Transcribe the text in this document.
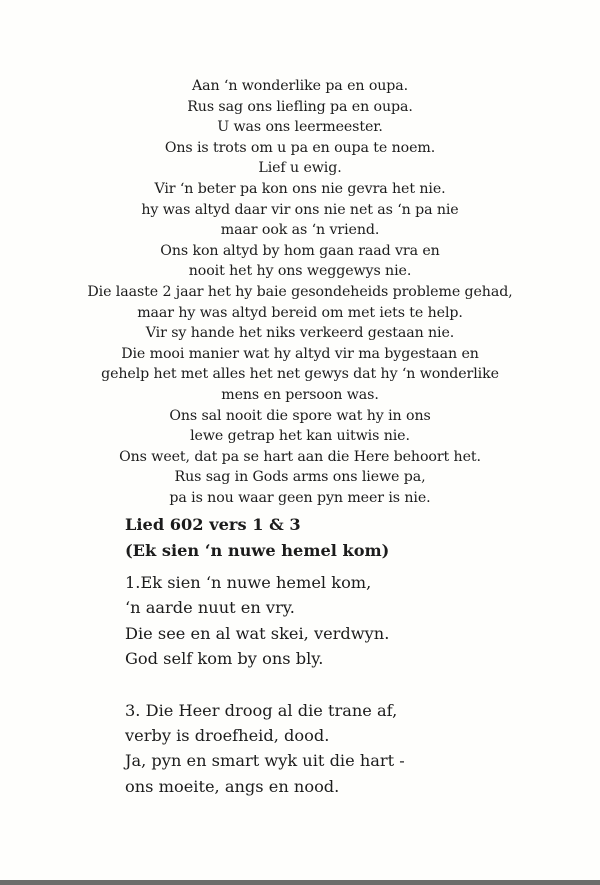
Aan ‘n wonderlike pa en oupa.
Rus sag ons liefling pa en oupa.
U was ons leermeester.
Ons is trots om u pa en oupa te noem.
Lief u ewig.
Vir ‘n beter pa kon ons nie gevra het nie.
hy was altyd daar vir ons nie net as ‘n pa nie
maar ook as ‘n vriend.
Ons kon altyd by hom gaan raad vra en
nooit het hy ons weggewys nie.
Die laaste 2 jaar het hy baie gesondeheids probleme gehad,
maar hy was altyd bereid om met iets te help.
Vir sy hande het niks verkeerd gestaan nie.
Die mooi manier wat hy altyd vir ma bygestaan en
gehelp het met alles het net gewys dat hy ‘n wonderlike
mens en persoon was.
Ons sal nooit die spore wat hy in ons
lewe getrap het kan uitwis nie.
Ons weet, dat pa se hart aan die Here behoort het.
Rus sag in Gods arms ons liewe pa,
pa is nou waar geen pyn meer is nie.
Lied 602 vers 1 & 3
(Ek sien ‘n nuwe hemel kom)
1.Ek sien ‘n nuwe hemel kom,
‘n aarde nuut en vry.
Die see en al wat skei, verdwyn.
God self kom by ons bly.
3. Die Heer droog al die trane af,
verby is droefheid, dood.
Ja, pyn en smart wyk uit die hart -
ons moeite, angs en nood.
